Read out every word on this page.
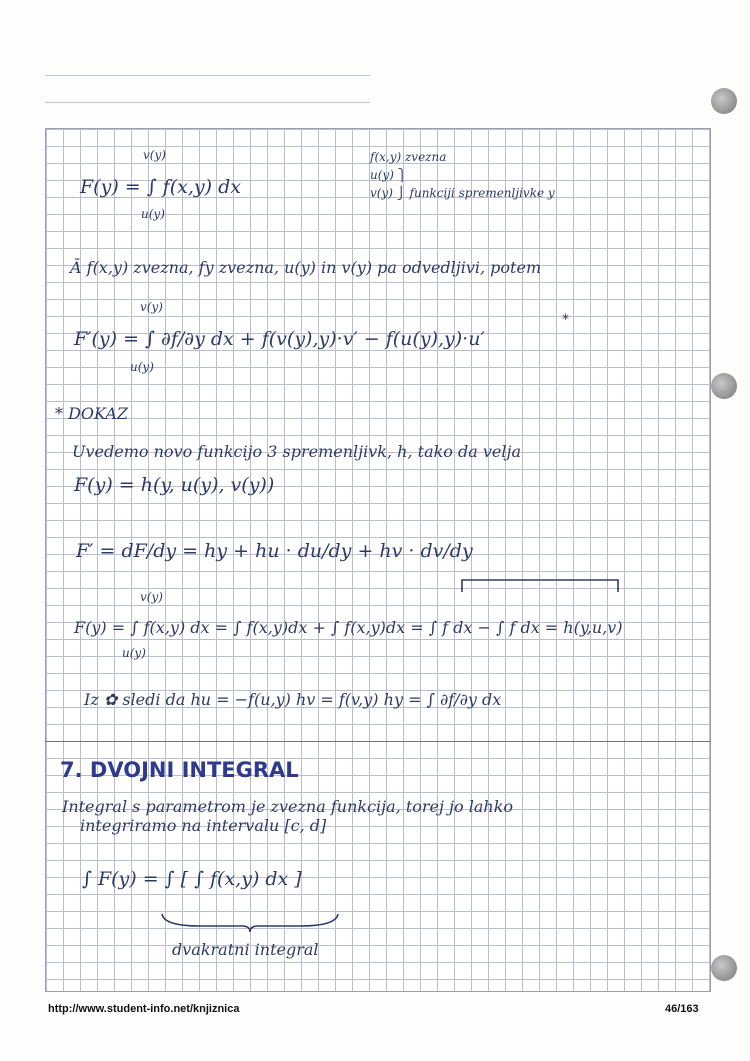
v(y)
F(y) = ∫ f(x,y) dx
u(y)
f(x,y) zvezna
u(y) ⎫
v(y) ⎭ funkciji spremenljivke y
Ā f(x,y) zvezna, fy zvezna, u(y) in v(y) pa odvedljivi, potem
v(y)
F′(y) = ∫ ∂f/∂y dx + f(v(y),y)·v′ − f(u(y),y)·u′
u(y)
*
* DOKAZ
Uvedemo novo funkcijo 3 spremenljivk, h, tako da velja
F(y) = h(y, u(y), v(y))
F′ = dF/dy = hy + hu · du/dy + hv · dv/dy
v(y)
F(y) = ∫ f(x,y) dx = ∫ f(x,y)dx + ∫ f(x,y)dx = ∫ f dx − ∫ f dx = h(y,u,v)
u(y)
Iz ✿ sledi da hu = −f(u,y) hv = f(v,y) hy = ∫ ∂f/∂y dx
7. DVOJNI INTEGRAL
Integral s parametrom je zvezna funkcija, torej jo lahko
integriramo na intervalu [c, d]
∫ F(y) = ∫ [ ∫ f(x,y) dx ]
dvakratni integral
http://www.student-info.net/knjiznica	46/163
